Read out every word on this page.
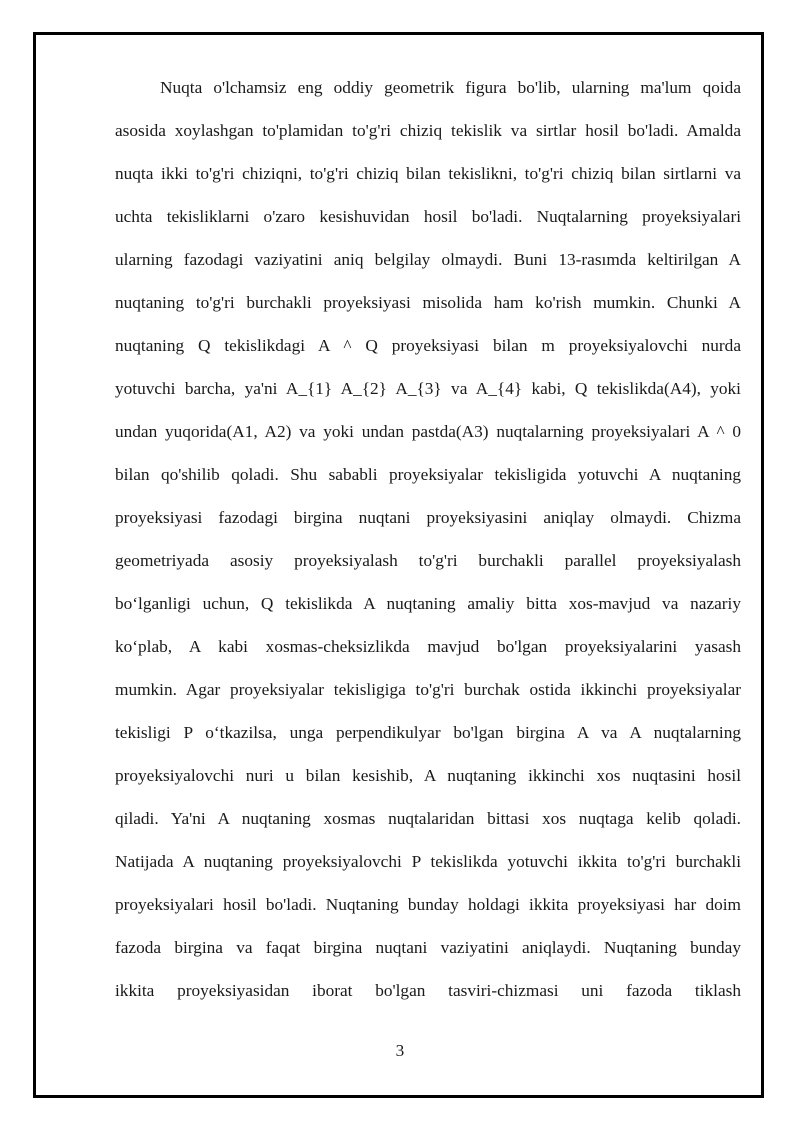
Nuqta o'lchamsiz eng oddiy geometrik figura bo'lib, ularning ma'lum qoida
asosida xoylashgan to'plamidan to'g'ri chiziq tekislik va sirtlar hosil bo'ladi. Amalda
nuqta ikki to'g'ri chiziqni, to'g'ri chiziq bilan tekislikni, to'g'ri chiziq bilan sirtlarni va
uchta tekisliklarni o'zaro kesishuvidan hosil bo'ladi. Nuqtalarning proyeksiyalari
ularning fazodagi vaziyatini aniq belgilay olmaydi. Buni 13-rasımda keltirilgan A
nuqtaning to'g'ri burchakli proyeksiyasi misolida ham ko'rish mumkin. Chunki A
nuqtaning Q tekislikdagi A ^ Q proyeksiyasi bilan m proyeksiyalovchi nurda
yotuvchi barcha, ya'ni A_{1} A_{2} A_{3} va A_{4} kabi, Q tekislikda(A4), yoki
undan yuqorida(A1, A2) va yoki undan pastda(A3) nuqtalarning proyeksiyalari A ^ 0
bilan qo'shilib qoladi. Shu sababli proyeksiyalar tekisligida yotuvchi A nuqtaning
proyeksiyasi fazodagi birgina nuqtani proyeksiyasini aniqlay olmaydi. Chizma
geometriyada asosiy proyeksiyalash to'g'ri burchakli parallel proyeksiyalash
bo‘lganligi uchun, Q tekislikda A nuqtaning amaliy bitta xos-mavjud va nazariy
ko‘plab, A kabi xosmas-cheksizlikda mavjud bo'lgan proyeksiyalarini yasash
mumkin. Agar proyeksiyalar tekisligiga to'g'ri burchak ostida ikkinchi proyeksiyalar
tekisligi P o‘tkazilsa, unga perpendikulyar bo'lgan birgina A va A nuqtalarning
proyeksiyalovchi nuri u bilan kesishib, A nuqtaning ikkinchi xos nuqtasini hosil
qiladi. Ya'ni A nuqtaning xosmas nuqtalaridan bittasi xos nuqtaga kelib qoladi.
Natijada A nuqtaning proyeksiyalovchi P tekislikda yotuvchi ikkita to'g'ri burchakli
proyeksiyalari hosil bo'ladi. Nuqtaning bunday holdagi ikkita proyeksiyasi har doim
fazoda birgina va faqat birgina nuqtani vaziyatini aniqlaydi. Nuqtaning bunday
ikkita proyeksiyasidan iborat bo'lgan tasviri-chizmasi uni fazoda tiklash
3
